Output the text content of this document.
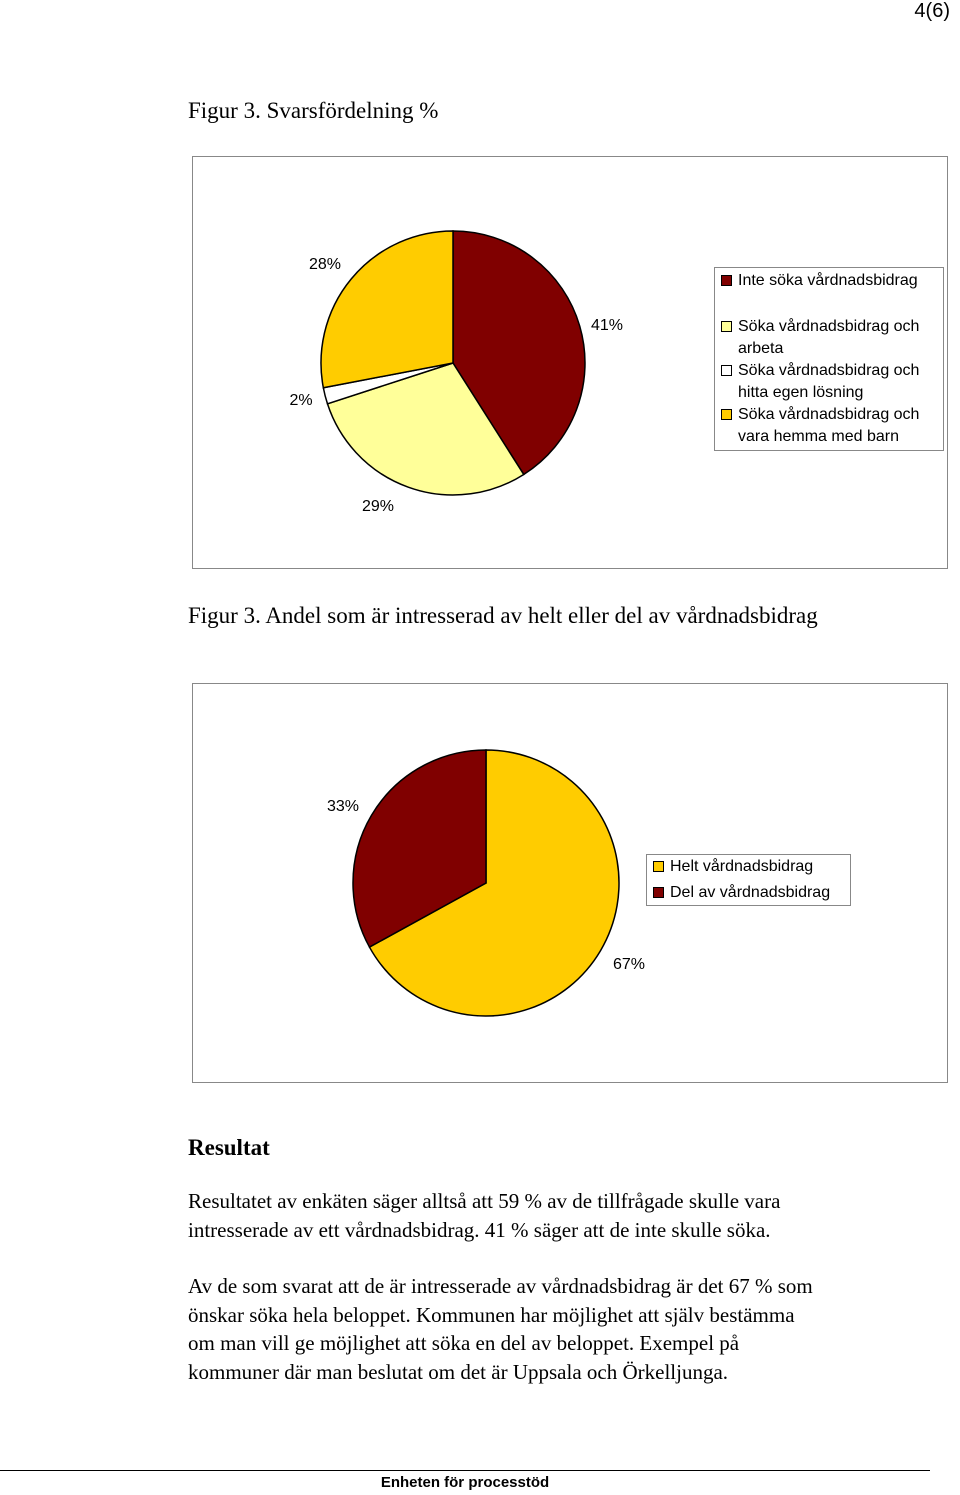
4(6)
Figur 3. Svarsfördelning %
41%
29%
2%
28%
Inte söka vårdnadsbidrag
Söka vårdnadsbidrag och
arbeta
Söka vårdnadsbidrag och
hitta egen lösning
Söka vårdnadsbidrag och
vara hemma med barn
Figur 3. Andel som är intresserad av helt eller del av vårdnadsbidrag
67%
33%
Helt vårdnadsbidrag
Del av vårdnadsbidrag
Resultat
Resultatet av enkäten säger alltså att 59 % av de tillfrågade skulle vara
intresserade av ett vårdnadsbidrag. 41 % säger att de inte skulle söka.
Av de som svarat att de är intresserade av vårdnadsbidrag är det 67 % som
önskar söka hela beloppet. Kommunen har möjlighet att själv bestämma
om man vill ge möjlighet att söka en del av beloppet. Exempel på
kommuner där man beslutat om det är Uppsala och Örkelljunga.
Enheten för processtöd
